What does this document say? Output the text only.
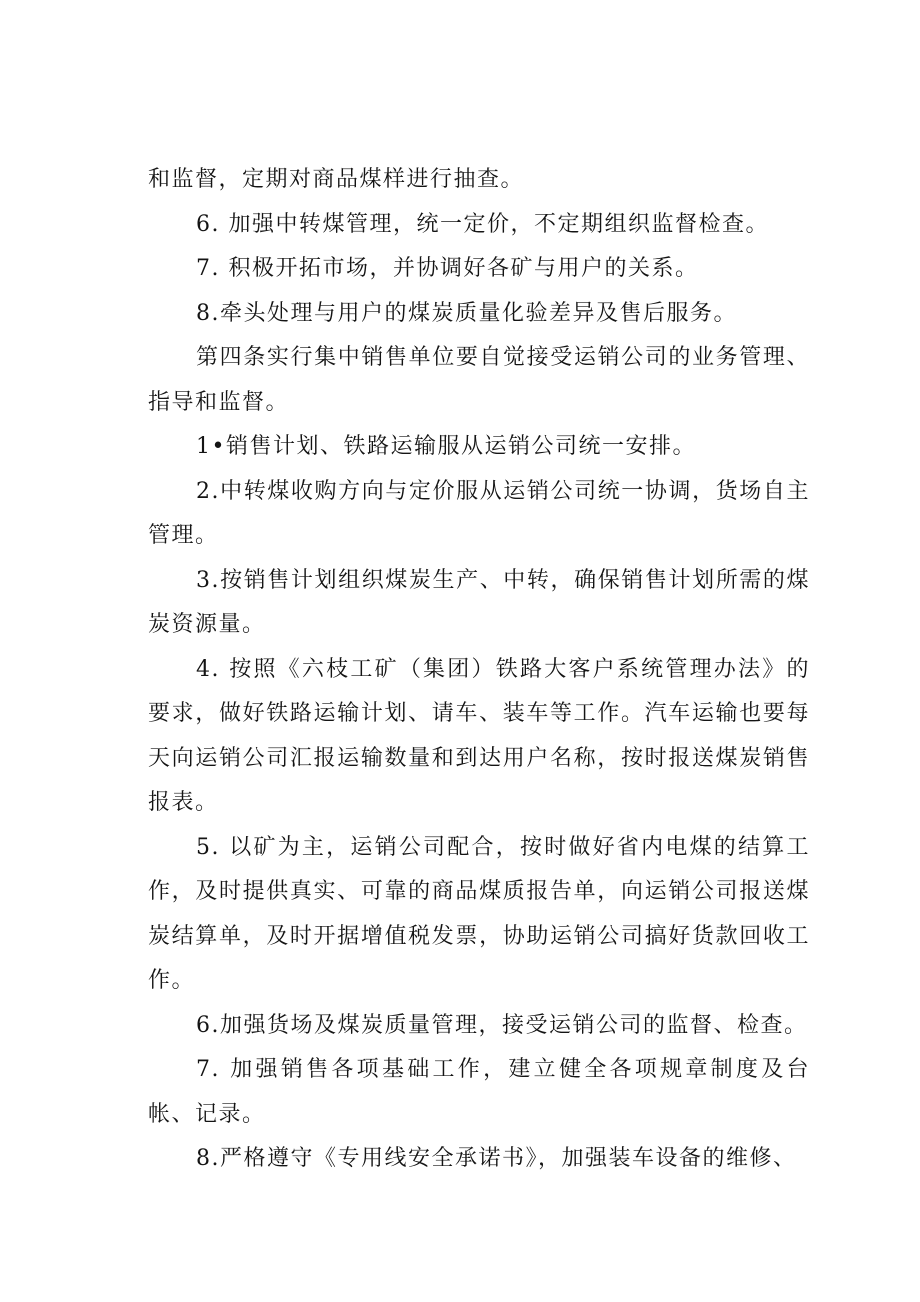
和监督，定期对商品煤样进行抽查。

6. 加强中转煤管理，统一定价，不定期组织监督检查。

7. 积极开拓市场，并协调好各矿与用户的关系。

8.牵头处理与用户的煤炭质量化验差异及售后服务。

第四条实行集中销售单位要自觉接受运销公司的业务管理、指导和监督。

1•销售计划、铁路运输服从运销公司统一安排。

2.中转煤收购方向与定价服从运销公司统一协调，货场自主管理。

3.按销售计划组织煤炭生产、中转，确保销售计划所需的煤炭资源量。

4. 按照《六枝工矿（集团）铁路大客户系统管理办法》的要求，做好铁路运输计划、请车、装车等工作。汽车运输也要每天向运销公司汇报运输数量和到达用户名称，按时报送煤炭销售报表。

5. 以矿为主，运销公司配合，按时做好省内电煤的结算工作，及时提供真实、可靠的商品煤质报告单，向运销公司报送煤炭结算单，及时开据增值税发票，协助运销公司搞好货款回收工作。

6.加强货场及煤炭质量管理，接受运销公司的监督、检查。

7. 加强销售各项基础工作，建立健全各项规章制度及台帐、记录。

8.严格遵守《专用线安全承诺书》，加强装车设备的维修、
